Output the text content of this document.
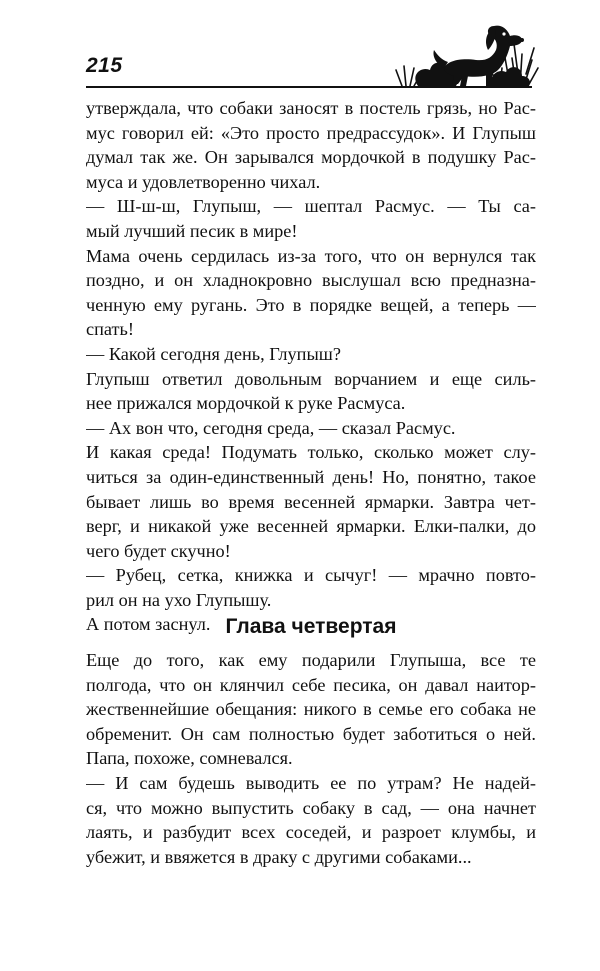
215
утверждала, что собаки заносят в постель грязь, но Рас-
мус говорил ей: «Это просто предрассудок». И Глупыш
думал так же. Он зарывался мордочкой в подушку Рас-
муса и удовлетворенно чихал.
— Ш-ш-ш, Глупыш, — шептал Расмус. — Ты са-
мый лучший песик в мире!
Мама очень сердилась из-за того, что он вернулся так
поздно, и он хладнокровно выслушал всю предназна-
ченную ему ругань. Это в порядке вещей, а теперь —
спать!
— Какой сегодня день, Глупыш?
Глупыш ответил довольным ворчанием и еще силь-
нее прижался мордочкой к руке Расмуса.
— Ах вон что, сегодня среда, — сказал Расмус.
И какая среда! Подумать только, сколько может слу-
читься за один-единственный день! Но, понятно, такое
бывает лишь во время весенней ярмарки. Завтра чет-
верг, и никакой уже весенней ярмарки. Елки-палки, до
чего будет скучно!
— Рубец, сетка, книжка и сычуг! — мрачно повто-
рил он на ухо Глупышу.
А потом заснул. Глава четвертая
Еще до того, как ему подарили Глупыша, все те
полгода, что он клянчил себе песика, он давал наитор-
жественнейшие обещания: никого в семье его собака не
обременит. Он сам полностью будет заботиться о ней.
Папа, похоже, сомневался.
— И сам будешь выводить ее по утрам? Не надей-
ся, что можно выпустить собаку в сад, — она начнет
лаять, и разбудит всех соседей, и разроет клумбы, и
убежит, и ввяжется в драку с другими собаками...
